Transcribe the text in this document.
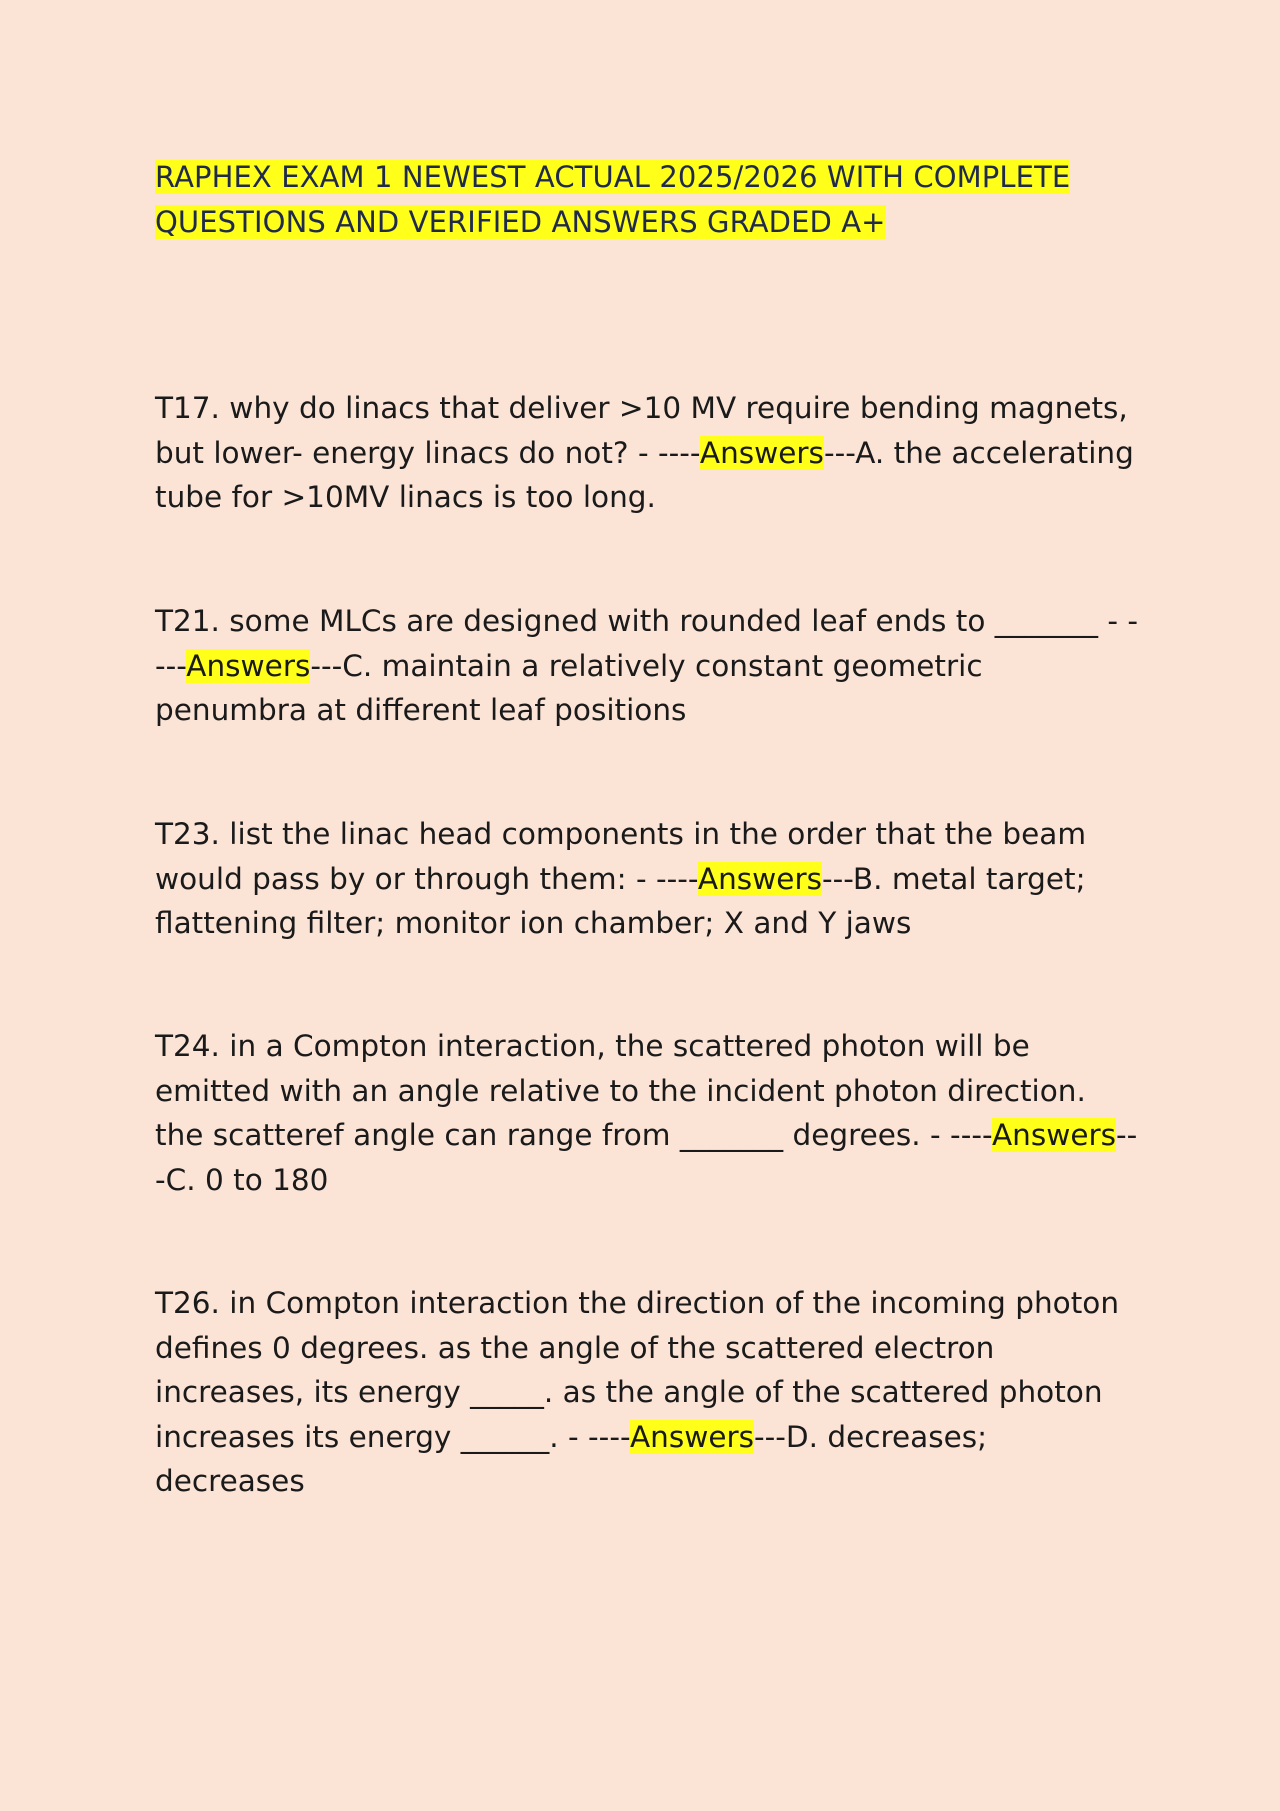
RAPHEX EXAM 1 NEWEST ACTUAL 2025/2026 WITH COMPLETE
QUESTIONS AND VERIFIED ANSWERS GRADED A+

T17. why do linacs that deliver >10 MV require bending magnets, but lower- energy linacs do not? - ----Answers---A. the accelerating tube for >10MV linacs is too long.

T21. some MLCs are designed with rounded leaf ends to _______ - ----Answers---C. maintain a relatively constant geometric penumbra at different leaf positions

T23. list the linac head components in the order that the beam would pass by or through them: - ----Answers---B. metal target; flattening filter; monitor ion chamber; X and Y jaws

T24. in a Compton interaction, the scattered photon will be emitted with an angle relative to the incident photon direction. the scatteref angle can range from _______ degrees. - ----Answers---C. 0 to 180

T26. in Compton interaction the direction of the incoming photon defines 0 degrees. as the angle of the scattered electron increases, its energy _____. as the angle of the scattered photon increases its energy ______. - ----Answers---D. decreases; decreases
